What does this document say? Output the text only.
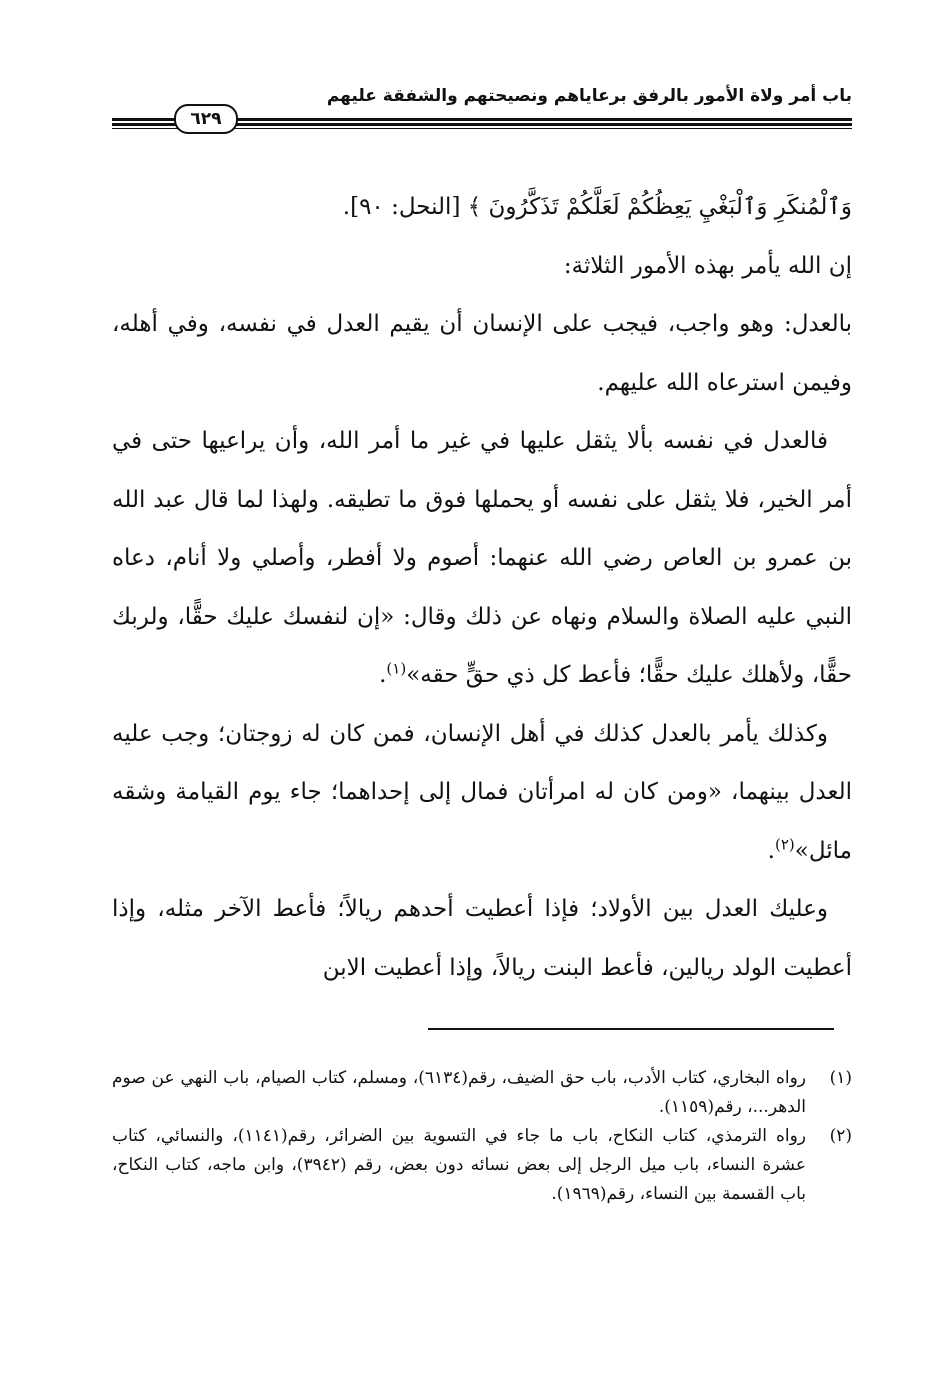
باب أمر ولاة الأمور بالرفق برعاياهم ونصيحتهم والشفقة عليهم
٦٢٩

وَٱلْمُنكَرِ وَٱلْبَغْيِ يَعِظُكُمْ لَعَلَّكُمْ تَذَكَّرُونَ ﴾ [النحل: ٩٠].

إن الله يأمر بهذه الأمور الثلاثة:

بالعدل: وهو واجب، فيجب على الإنسان أن يقيم العدل في نفسه، وفي أهله، وفيمن استرعاه الله عليهم.

فالعدل في نفسه بألا يثقل عليها في غير ما أمر الله، وأن يراعيها حتى في أمر الخير، فلا يثقل على نفسه أو يحملها فوق ما تطيقه. ولهذا لما قال عبد الله بن عمرو بن العاص رضي الله عنهما: أصوم ولا أفطر، وأصلي ولا أنام، دعاه النبي عليه الصلاة والسلام ونهاه عن ذلك وقال: «إن لنفسك عليك حقًّا، ولربك حقًّا، ولأهلك عليك حقًّا؛ فأعط كل ذي حقٍّ حقه»$^{(١)}$.

وكذلك يأمر بالعدل كذلك في أهل الإنسان، فمن كان له زوجتان؛ وجب عليه العدل بينهما، «ومن كان له امرأتان فمال إلى إحداهما؛ جاء يوم القيامة وشقه مائل»$^{(٢)}$.

وعليك العدل بين الأولاد؛ فإذا أعطيت أحدهم ريالاً؛ فأعط الآخر مثله، وإذا أعطيت الولد ريالين، فأعط البنت ريالاً، وإذا أعطيت الابن

(١)
رواه البخاري، كتاب الأدب، باب حق الضيف، رقم(٦١٣٤)، ومسلم، كتاب الصيام، باب النهي عن صوم الدهر...، رقم(١١٥٩).

(٢)
رواه الترمذي، كتاب النكاح، باب ما جاء في التسوية بين الضرائر، رقم(١١٤١)، والنسائي، كتاب عشرة النساء، باب ميل الرجل إلى بعض نسائه دون بعض، رقم (٣٩٤٢)، وابن ماجه، كتاب النكاح، باب القسمة بين النساء، رقم(١٩٦٩).
